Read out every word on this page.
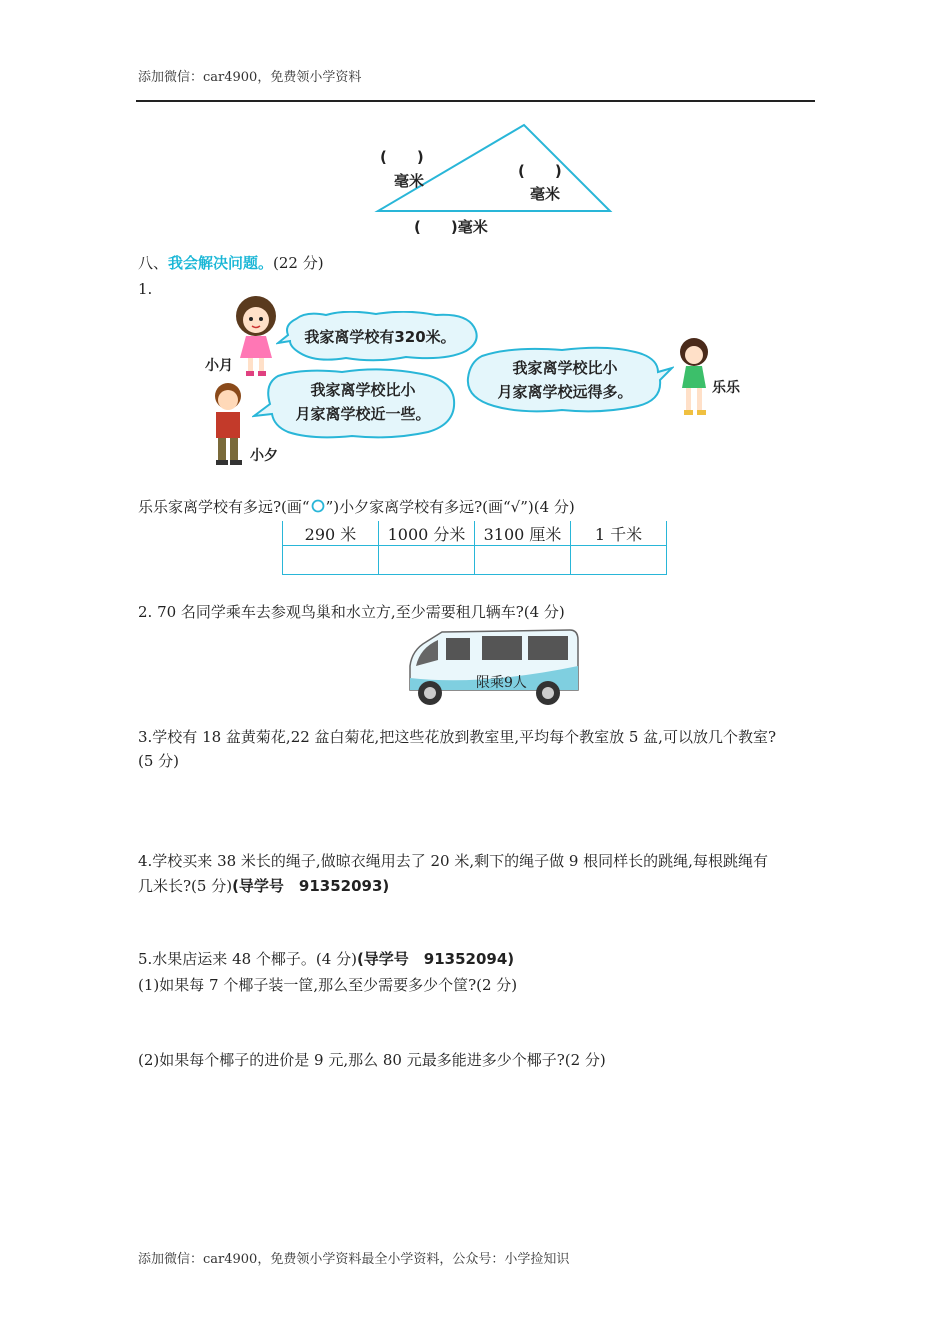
添加微信：car4900，免费领小学资料
(　　)
毫米
(　　)
毫米
(　　)毫米
八、我会解决问题。(22 分)
1.
小月
我家离学校有320米。
小夕
我家离学校比小
月家离学校近一些。
我家离学校比小
月家离学校远得多。	乐乐
乐乐家离学校有多远?(画“ ”)小夕家离学校有多远?(画“√”)(4 分)
290 米	1000 分米	3100 厘米	1 千米

2. 70 名同学乘车去参观鸟巢和水立方,至少需要租几辆车?(4 分)
限乘9人
3.学校有 18 盆黄菊花,22 盆白菊花,把这些花放到教室里,平均每个教室放 5 盆,可以放几个教室?
(5 分)
4.学校买来 38 米长的绳子,做晾衣绳用去了 20 米,剩下的绳子做 9 根同样长的跳绳,每根跳绳有
几米长?(5 分)(导学号　91352093)
5.水果店运来 48 个椰子。(4 分)(导学号　91352094)
(1)如果每 7 个椰子装一筐,那么至少需要多少个筐?(2 分)
(2)如果每个椰子的进价是 9 元,那么 80 元最多能进多少个椰子?(2 分)
添加微信：car4900，免费领小学资料最全小学资料，公众号：小学捡知识
